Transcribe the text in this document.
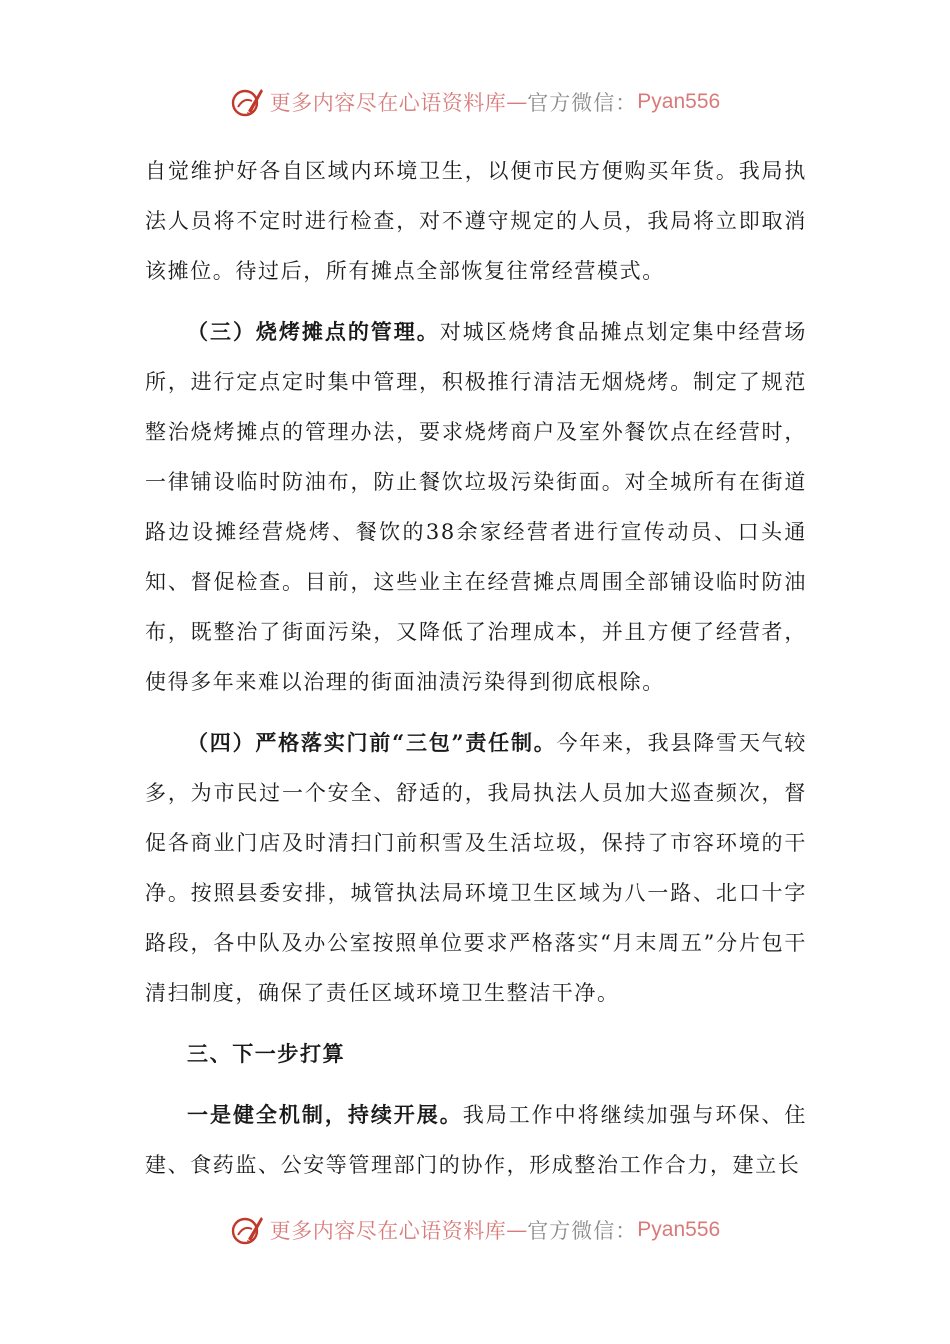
更多内容尽在心语资料库 — 官方微信： Pyan556

自觉维护好各自区域内环境卫生，以便市民方便购买年货。我局执法人员将不定时进行检查，对不遵守规定的人员，我局将立即取消该摊位。待过后，所有摊点全部恢复往常经营模式。

（三）烧烤摊点的管理。对城区烧烤食品摊点划定集中经营场所，进行定点定时集中管理，积极推行清洁无烟烧烤。制定了规范整治烧烤摊点的管理办法，要求烧烤商户及室外餐饮点在经营时，一律铺设临时防油布，防止餐饮垃圾污染街面。对全城所有在街道路边设摊经营烧烤、餐饮的38余家经营者进行宣传动员、口头通知、督促检查。目前，这些业主在经营摊点周围全部铺设临时防油布，既整治了街面污染，又降低了治理成本，并且方便了经营者，使得多年来难以治理的街面油渍污染得到彻底根除。

（四）严格落实门前“三包”责任制。今年来，我县降雪天气较多，为市民过一个安全、舒适的，我局执法人员加大巡查频次，督促各商业门店及时清扫门前积雪及生活垃圾，保持了市容环境的干净。按照县委安排，城管执法局环境卫生区域为八一路、北口十字路段，各中队及办公室按照单位要求严格落实“月末周五”分片包干清扫制度，确保了责任区域环境卫生整洁干净。

三、下一步打算

一是健全机制，持续开展。我局工作中将继续加强与环保、住建、食药监、公安等管理部门的协作，形成整治工作合力，建立长

更多内容尽在心语资料库 — 官方微信： Pyan556
